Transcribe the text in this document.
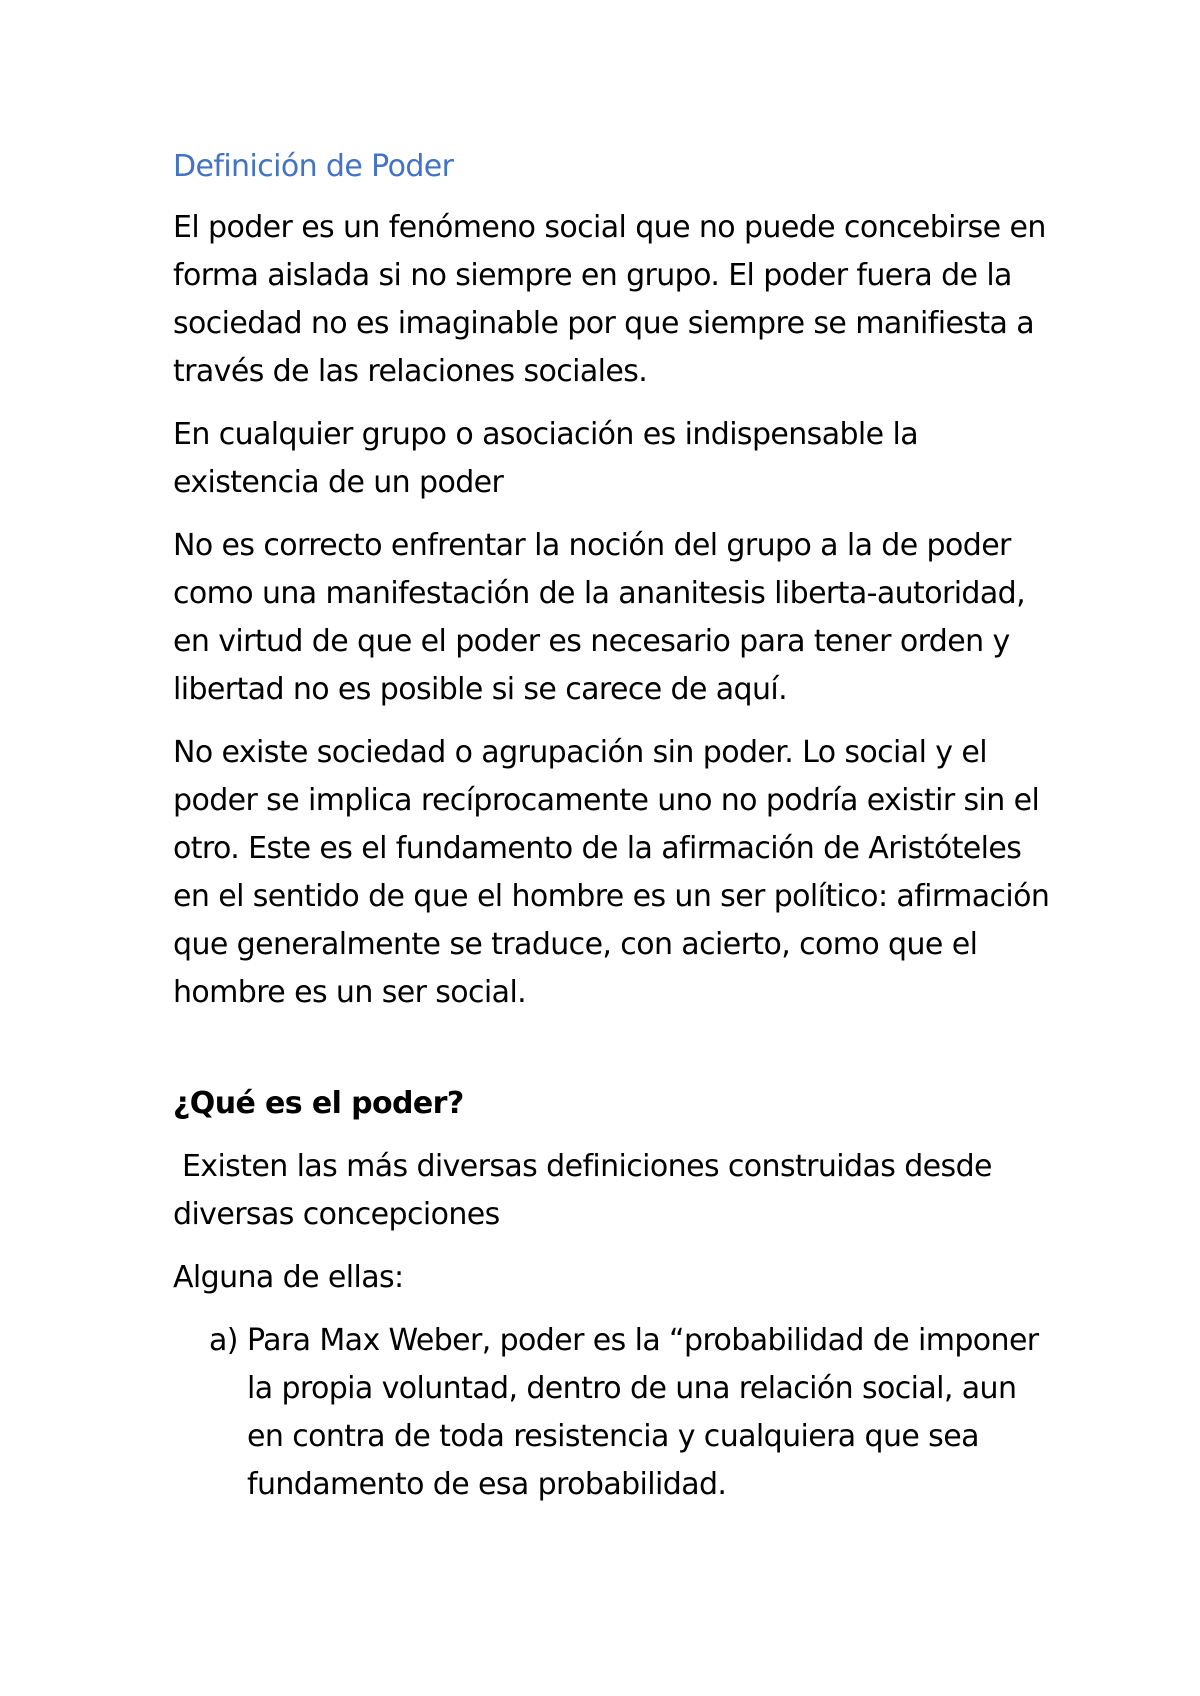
Definición de Poder

El poder es un fenómeno social que no puede concebirse en forma aislada si no siempre en grupo. El poder fuera de la sociedad no es imaginable por que siempre se manifiesta a través de las relaciones sociales.

En cualquier grupo o asociación es indispensable la existencia de un poder

No es correcto enfrentar la noción del grupo a la de poder como una manifestación de la ananitesis liberta-autoridad, en virtud de que el poder es necesario para tener orden y libertad no es posible si se carece de aquí.

No existe sociedad o agrupación sin poder. Lo social y el poder se implica recíprocamente uno no podría existir sin el otro. Este es el fundamento de la afirmación de Aristóteles en el sentido de que el hombre es un ser político: afirmación que generalmente se traduce, con acierto, como que el hombre es un ser social.

¿Qué es el poder?

Existen las más diversas definiciones construidas desde diversas concepciones

Alguna de ellas:

a) Para Max Weber, poder es la “probabilidad de imponer la propia voluntad, dentro de una relación social, aun en contra de toda resistencia y cualquiera que sea fundamento de esa probabilidad.
